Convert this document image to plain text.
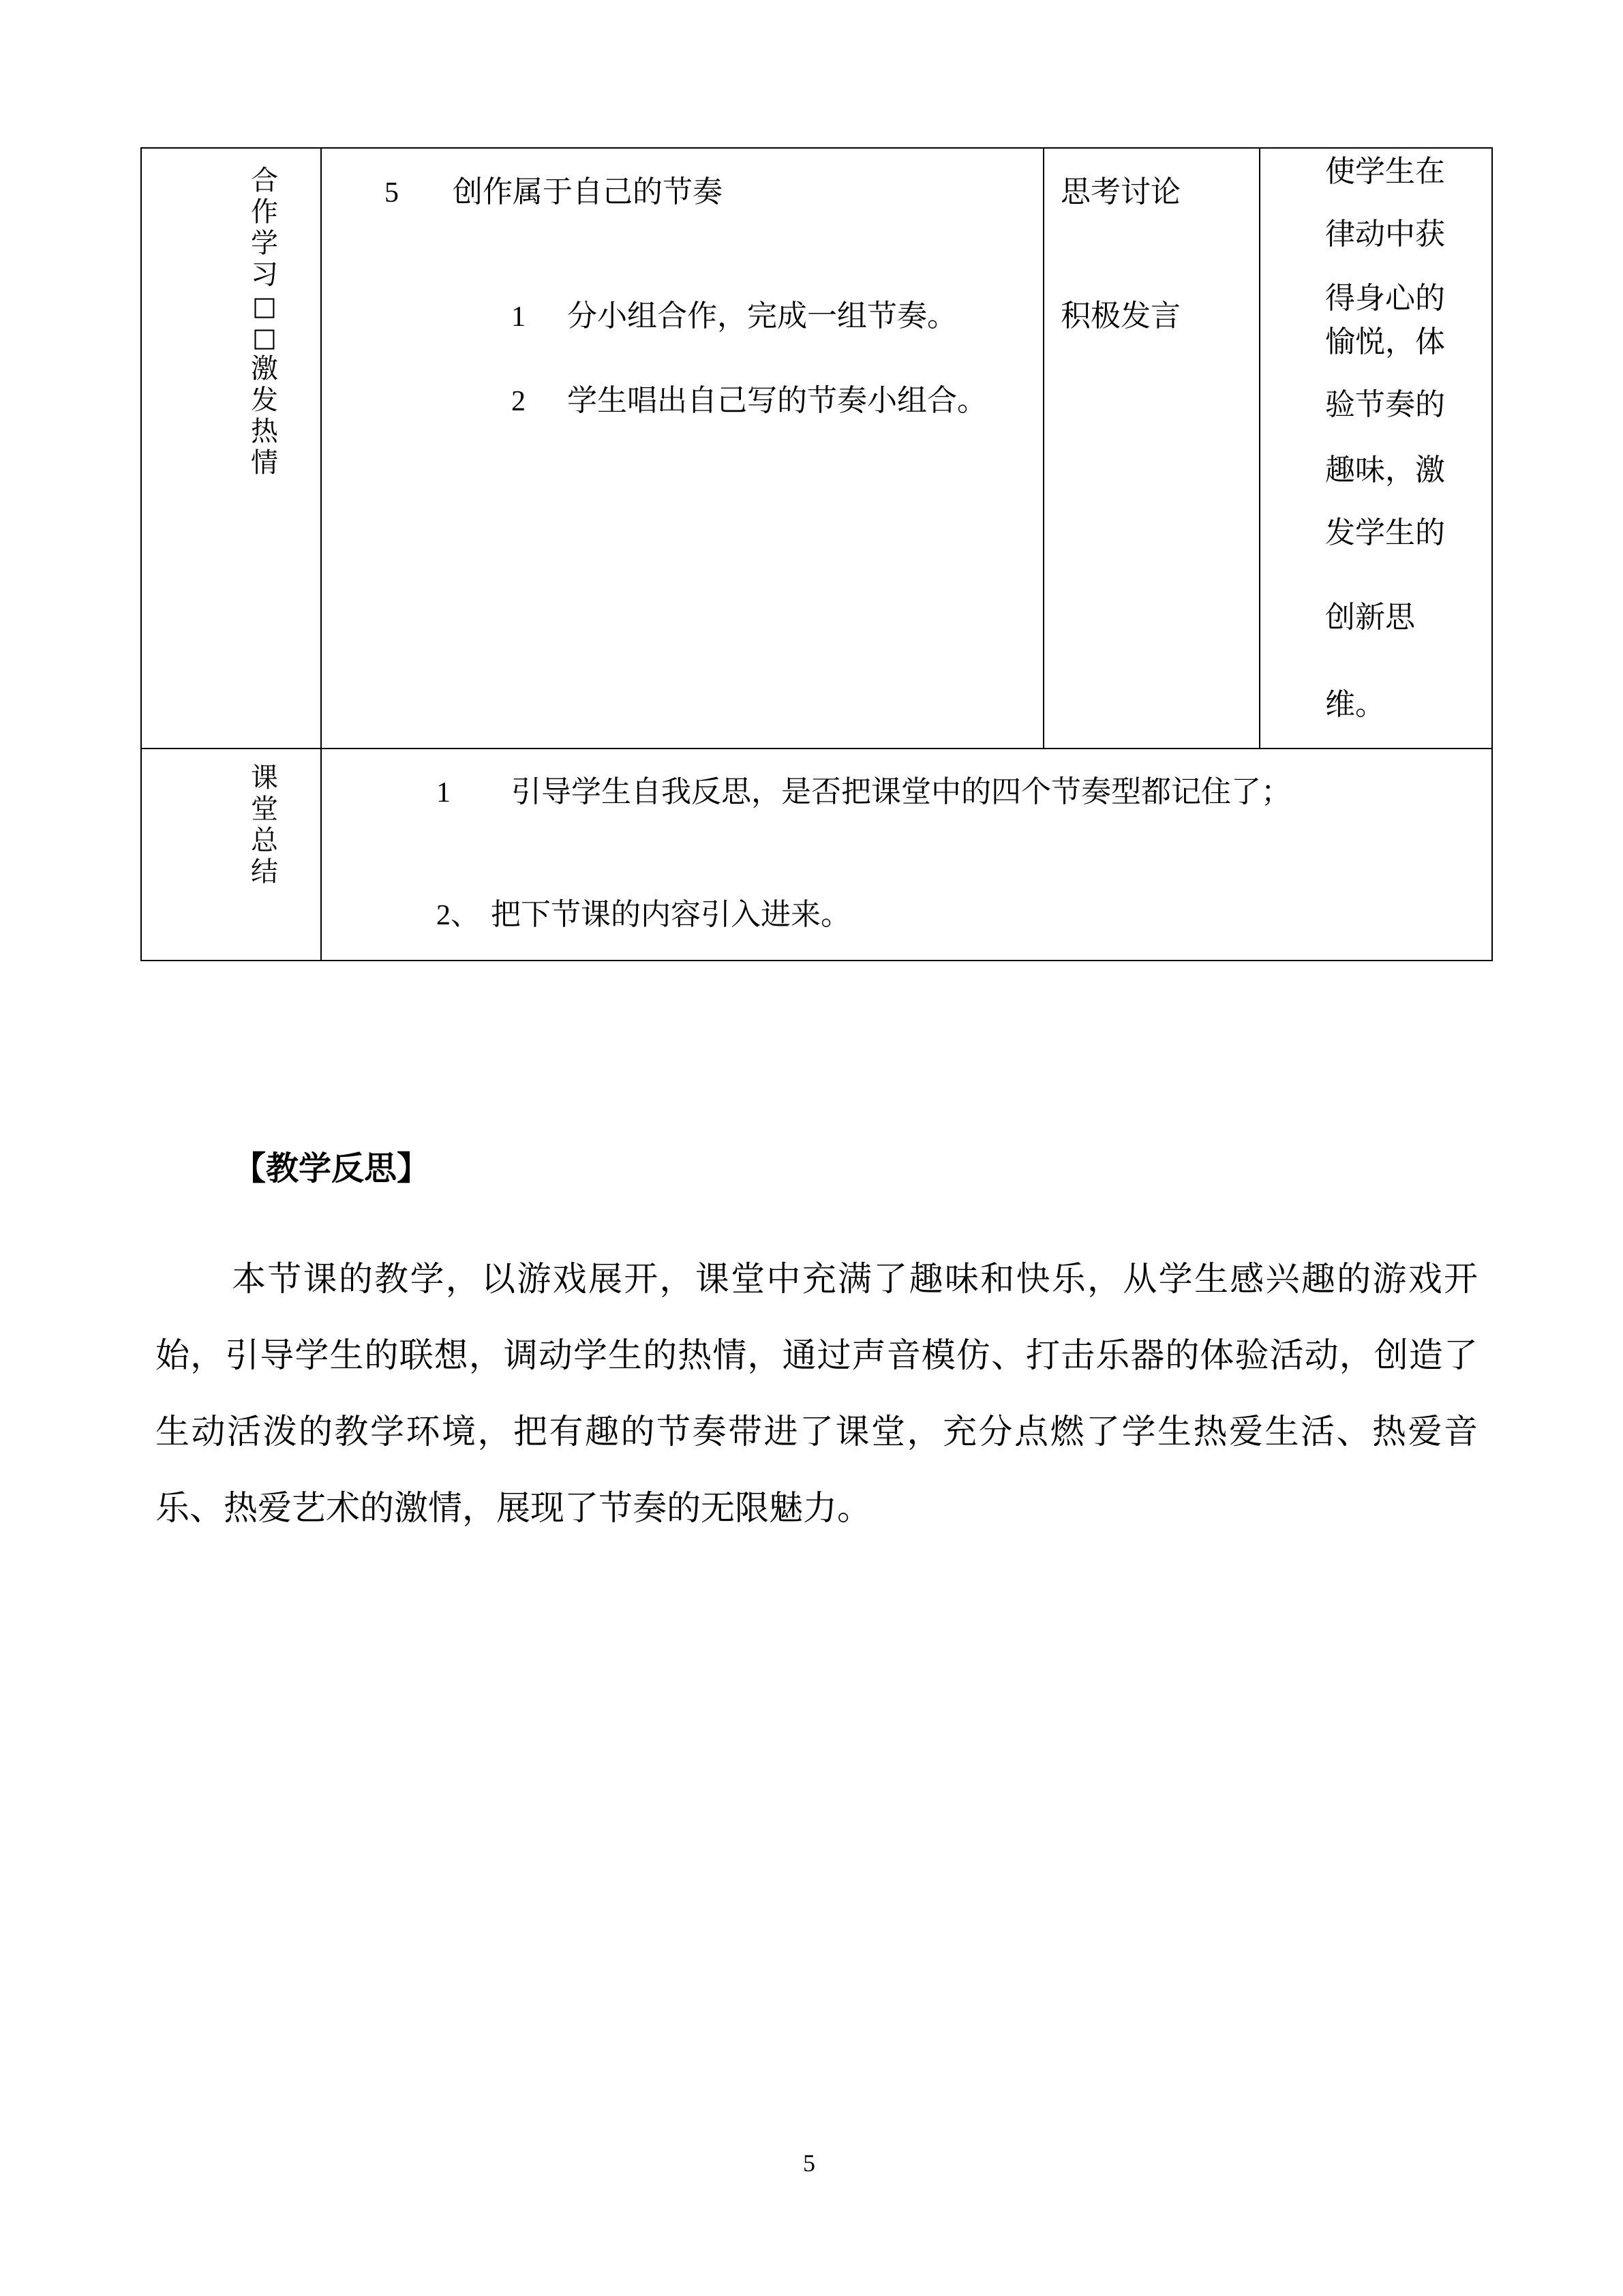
合
作
学
习
□
□
激
发
热
情
5 创作属于自己的节奏
1 分小组合作，完成一组节奏。
2 学生唱出自己写的节奏小组合。
思考讨论
积极发言
使学生在
律动中获
得身心的
愉悦，体
验节奏的
趣味，激
发学生的
创新思
维。
课
堂
总
结
1 引导学生自我反思，是否把课堂中的四个节奏型都记住了；
2、 把下节课的内容引入进来。
【教学反思】
本节课的教学，以游戏展开，课堂中充满了趣味和快乐，从学生感兴趣的游戏开始，引导学生的联想，调动学生的热情，通过声音模仿、打击乐器的体验活动，创造了生动活泼的教学环境，把有趣的节奏带进了课堂，充分点燃了学生热爱生活、热爱音乐、热爱艺术的激情，展现了节奏的无限魅力。
5
